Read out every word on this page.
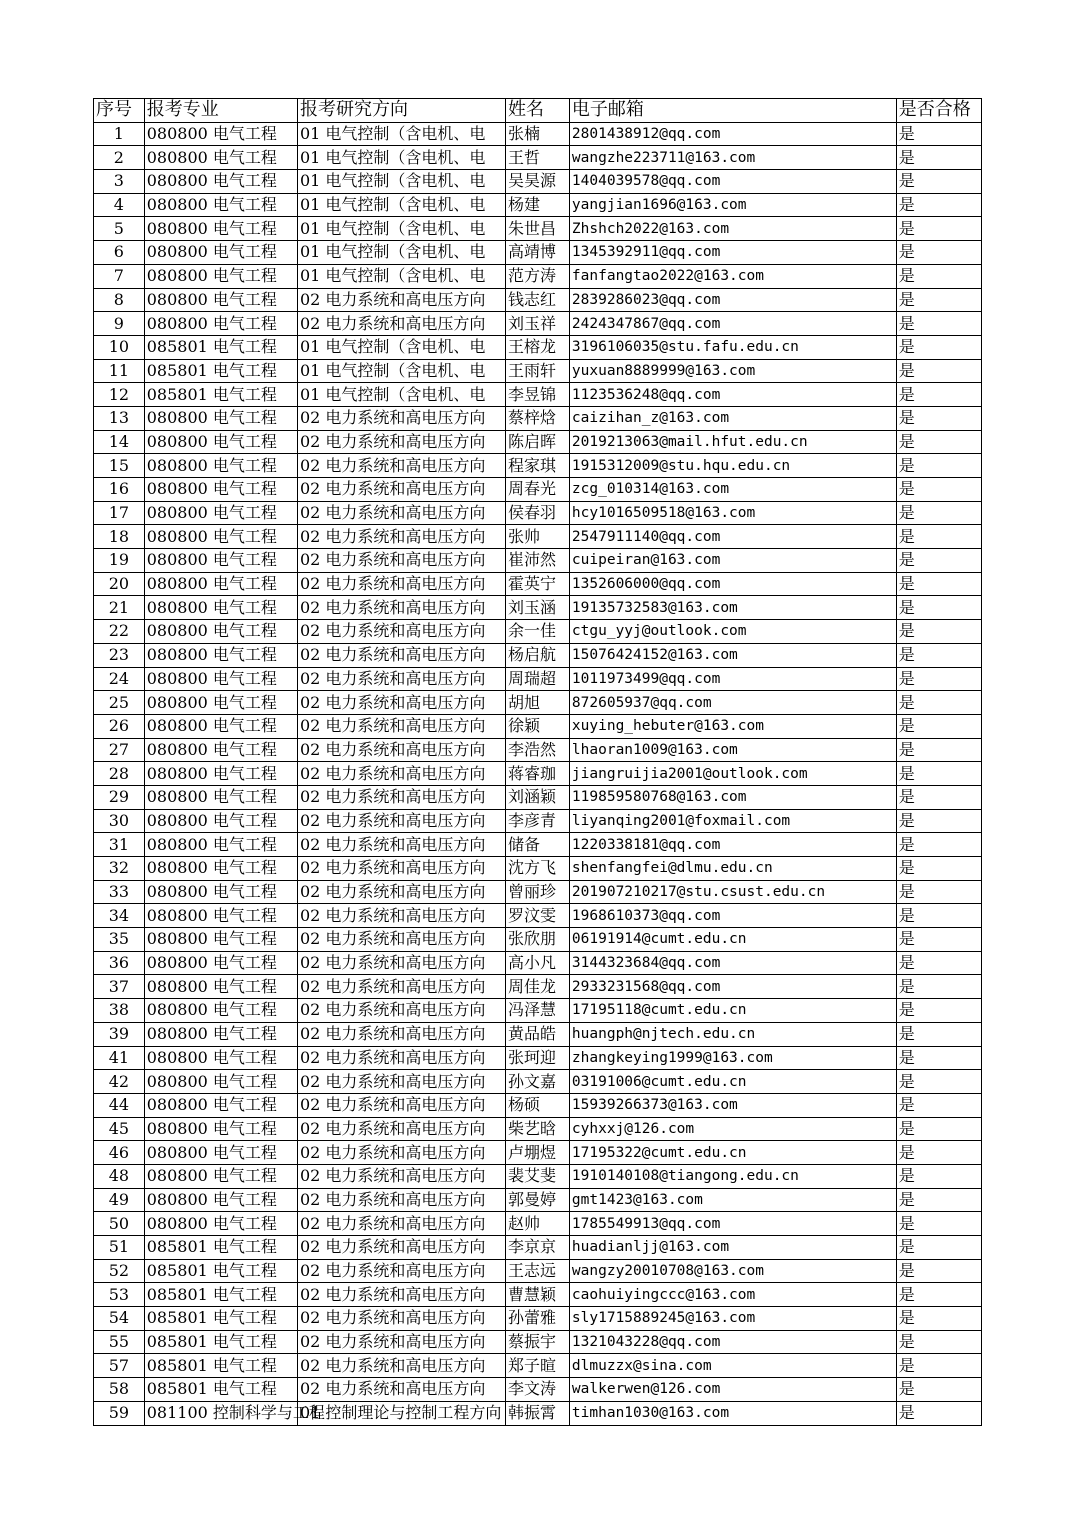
序号	报考专业	报考研究方向	姓名	电子邮箱	是否合格
1	080800 电气工程	01 电气控制（含电机、电	张楠	2801438912@qq.com	是
2	080800 电气工程	01 电气控制（含电机、电	王哲	wangzhe223711@163.com	是
3	080800 电气工程	01 电气控制（含电机、电	吴昊源	1404039578@qq.com	是
4	080800 电气工程	01 电气控制（含电机、电	杨建	yangjian1696@163.com	是
5	080800 电气工程	01 电气控制（含电机、电	朱世昌	Zhshch2022@163.com	是
6	080800 电气工程	01 电气控制（含电机、电	高靖博	1345392911@qq.com	是
7	080800 电气工程	01 电气控制（含电机、电	范方涛	fanfangtao2022@163.com	是
8	080800 电气工程	02 电力系统和高电压方向	钱志红	2839286023@qq.com	是
9	080800 电气工程	02 电力系统和高电压方向	刘玉祥	2424347867@qq.com	是
10	085801 电气工程	01 电气控制（含电机、电	王榕龙	3196106035@stu.fafu.edu.cn	是
11	085801 电气工程	01 电气控制（含电机、电	王雨轩	yuxuan8889999@163.com	是
12	085801 电气工程	01 电气控制（含电机、电	李昱锦	1123536248@qq.com	是
13	080800 电气工程	02 电力系统和高电压方向	蔡梓焓	caizihan_z@163.com	是
14	080800 电气工程	02 电力系统和高电压方向	陈启晖	2019213063@mail.hfut.edu.cn	是
15	080800 电气工程	02 电力系统和高电压方向	程家琪	1915312009@stu.hqu.edu.cn	是
16	080800 电气工程	02 电力系统和高电压方向	周春光	zcg_010314@163.com	是
17	080800 电气工程	02 电力系统和高电压方向	侯春羽	hcy1016509518@163.com	是
18	080800 电气工程	02 电力系统和高电压方向	张帅	2547911140@qq.com	是
19	080800 电气工程	02 电力系统和高电压方向	崔沛然	cuipeiran@163.com	是
20	080800 电气工程	02 电力系统和高电压方向	霍英宁	1352606000@qq.com	是
21	080800 电气工程	02 电力系统和高电压方向	刘玉涵	19135732583@163.com	是
22	080800 电气工程	02 电力系统和高电压方向	余一佳	ctgu_yyj@outlook.com	是
23	080800 电气工程	02 电力系统和高电压方向	杨启航	15076424152@163.com	是
24	080800 电气工程	02 电力系统和高电压方向	周瑞超	1011973499@qq.com	是
25	080800 电气工程	02 电力系统和高电压方向	胡旭	872605937@qq.com	是
26	080800 电气工程	02 电力系统和高电压方向	徐颖	xuying_hebuter@163.com	是
27	080800 电气工程	02 电力系统和高电压方向	李浩然	lhaoran1009@163.com	是
28	080800 电气工程	02 电力系统和高电压方向	蒋睿珈	jiangruijia2001@outlook.com	是
29	080800 电气工程	02 电力系统和高电压方向	刘涵颖	119859580768@163.com	是
30	080800 电气工程	02 电力系统和高电压方向	李彦青	liyanqing2001@foxmail.com	是
31	080800 电气工程	02 电力系统和高电压方向	储备	1220338181@qq.com	是
32	080800 电气工程	02 电力系统和高电压方向	沈方飞	shenfangfei@dlmu.edu.cn	是
33	080800 电气工程	02 电力系统和高电压方向	曾丽珍	201907210217@stu.csust.edu.cn	是
34	080800 电气工程	02 电力系统和高电压方向	罗汶雯	1968610373@qq.com	是
35	080800 电气工程	02 电力系统和高电压方向	张欣朋	06191914@cumt.edu.cn	是
36	080800 电气工程	02 电力系统和高电压方向	高小凡	3144323684@qq.com	是
37	080800 电气工程	02 电力系统和高电压方向	周佳龙	2933231568@qq.com	是
38	080800 电气工程	02 电力系统和高电压方向	冯泽慧	17195118@cumt.edu.cn	是
39	080800 电气工程	02 电力系统和高电压方向	黄品皓	huangph@njtech.edu.cn	是
41	080800 电气工程	02 电力系统和高电压方向	张珂迎	zhangkeying1999@163.com	是
42	080800 电气工程	02 电力系统和高电压方向	孙文嘉	03191006@cumt.edu.cn	是
44	080800 电气工程	02 电力系统和高电压方向	杨硕	15939266373@163.com	是
45	080800 电气工程	02 电力系统和高电压方向	柴艺晗	cyhxxj@126.com	是
46	080800 电气工程	02 电力系统和高电压方向	卢堋煜	17195322@cumt.edu.cn	是
48	080800 电气工程	02 电力系统和高电压方向	裴艾斐	1910140108@tiangong.edu.cn	是
49	080800 电气工程	02 电力系统和高电压方向	郭曼婷	gmt1423@163.com	是
50	080800 电气工程	02 电力系统和高电压方向	赵帅	1785549913@qq.com	是
51	085801 电气工程	02 电力系统和高电压方向	李京京	huadianljj@163.com	是
52	085801 电气工程	02 电力系统和高电压方向	王志远	wangzy20010708@163.com	是
53	085801 电气工程	02 电力系统和高电压方向	曹慧颖	caohuiyingccc@163.com	是
54	085801 电气工程	02 电力系统和高电压方向	孙蕾雅	sly1715889245@163.com	是
55	085801 电气工程	02 电力系统和高电压方向	蔡振宇	1321043228@qq.com	是
57	085801 电气工程	02 电力系统和高电压方向	郑子暄	dlmuzzx@sina.com	是
58	085801 电气工程	02 电力系统和高电压方向	李文涛	walkerwen@126.com	是
59	081100 控制科学与工程	01 控制理论与控制工程方向	韩振霄	timhan1030@163.com	是
